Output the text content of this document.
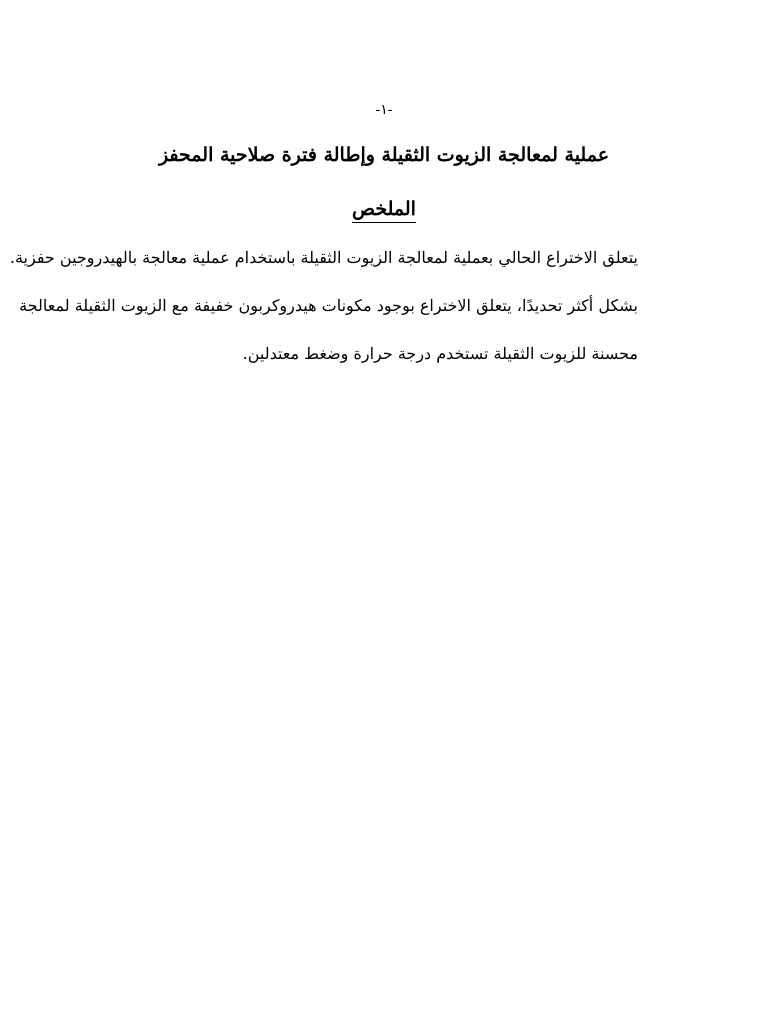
-١-
عملية لمعالجة الزيوت الثقيلة وإطالة فترة صلاحية المحفز
الملخص
يتعلق الاختراع الحالي بعملية لمعالجة الزيوت الثقيلة باستخدام عملية معالجة بالهيدروجين حفزية.
بشكل أكثر تحديدًا، يتعلق الاختراع بوجود مكونات هيدروكربون خفيفة مع الزيوت الثقيلة لمعالجة
محسنة للزيوت الثقيلة تستخدم درجة حرارة وضغط معتدلين.
